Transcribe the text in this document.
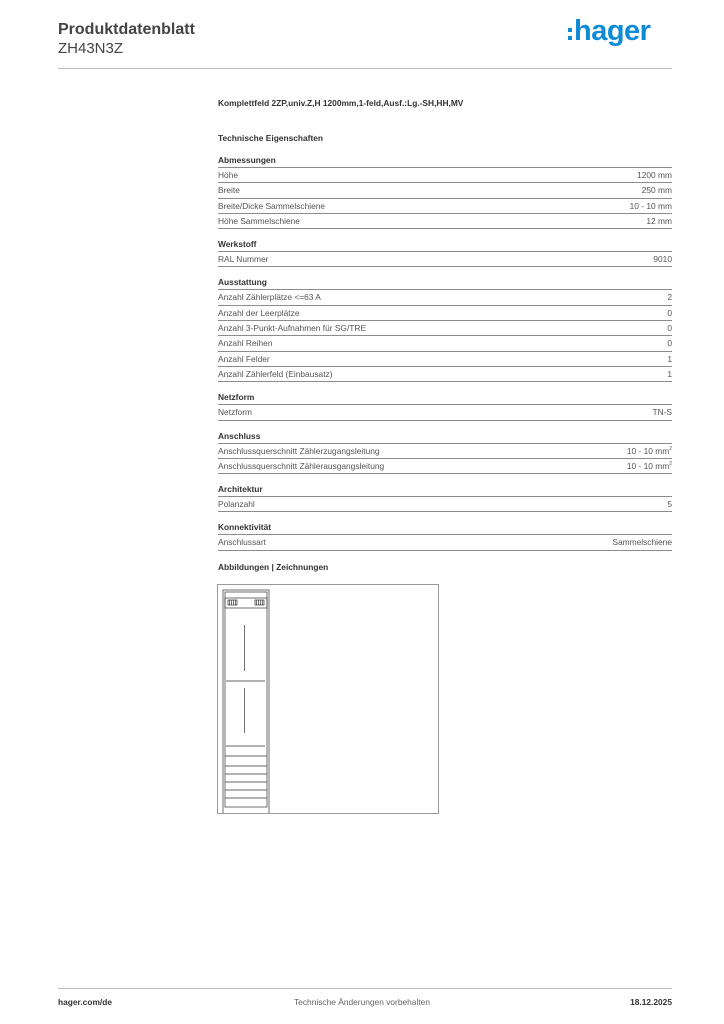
Produktdatenblatt
ZH43N3Z
hager
Komplettfeld 2ZP,univ.Z,H 1200mm,1-feld,Ausf.:Lg.-SH,HH,MV
Technische Eigenschaften
Abmessungen
Höhe	1200 mm
Breite	250 mm
Breite/Dicke Sammelschiene	10 - 10 mm
Höhe Sammelschiene	12 mm
Werkstoff
RAL Nummer	9010
Ausstattung
Anzahl Zählerplätze <=63 A	2
Anzahl der Leerplätze	0
Anzahl 3-Punkt-Aufnahmen für SG/TRE	0
Anzahl Reihen	0
Anzahl Felder	1
Anzahl Zählerfeld (Einbausatz)	1
Netzform
Netzform	TN-S
Anschluss
Anschlussquerschnitt Zählerzugangsleitung	10 - 10 $mm^2$
Anschlussquerschnitt Zählerausgangsleitung	10 - 10 $mm^2$
Architektur
Polanzahl	5
Konnektivität
Anschlussart	Sammelschiene
Abbildungen | Zeichnungen
hager.com/de	Technische Änderungen vorbehalten	18.12.2025
